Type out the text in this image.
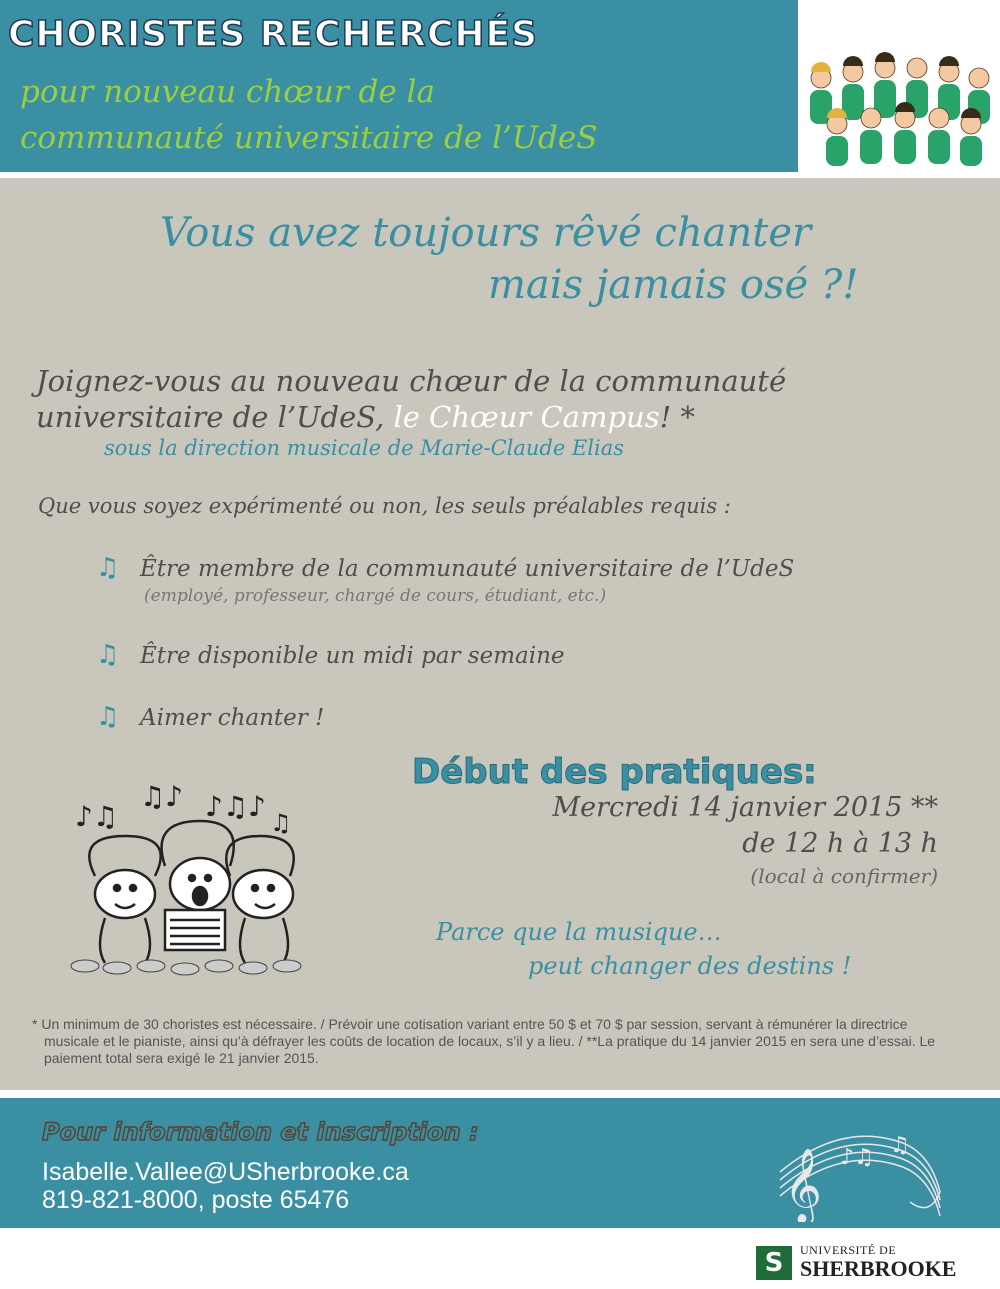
CHORISTES RECHERCHÉS
pour nouveau chœur de la
communauté universitaire de l’UdeS
Vous avez toujours rêvé chanter
mais jamais osé ?!
Joignez-vous au nouveau chœur de la communauté
universitaire de l’UdeS, le Chœur Campus! *
sous la direction musicale de Marie-Claude Elias
Que vous soyez expérimenté ou non, les seuls préalables requis :
♫ Être membre de la communauté universitaire de l’UdeS
(employé, professeur, chargé de cours, étudiant, etc.)
♫ Être disponible un midi par semaine
♫ Aimer chanter !
♪♫
♫♪ ♪♫♪ ♫
Début des pratiques:
Mercredi 14 janvier 2015 **
de 12 h à 13 h
(local à confirmer)
Parce que la musique…
peut changer des destins !

* Un minimum de 30 choristes est nécessaire. / Prévoir une cotisation variant entre 50 $ et 70 $ par session, servant à rémunérer la directrice musicale et le pianiste, ainsi qu’à défrayer les coûts de location de locaux, s’il y a lieu. / **La pratique du 14 janvier 2015 en sera une d’essai. Le paiement total sera exigé le 21 janvier 2015.

Pour information et inscription :
Isabelle.Vallee@USherbrooke.ca
819-821-8000, poste 65476	𝄞 ♪♫ ♫
S	UNIVERSITÉ DE
SHERBROOKE
